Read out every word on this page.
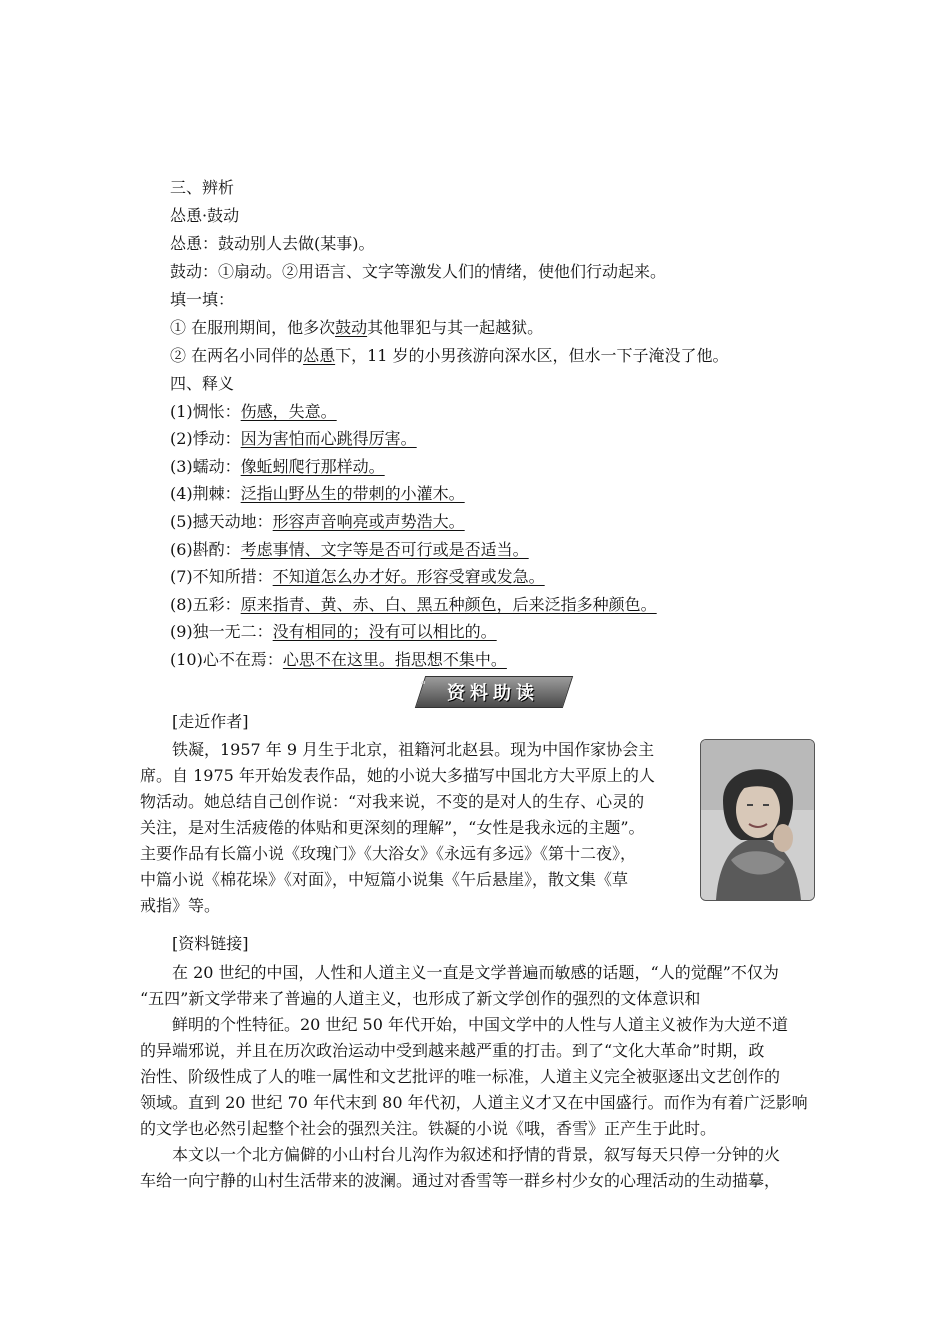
三、辨析
怂恿·鼓动
怂恿：鼓动别人去做(某事)。
鼓动：①扇动。②用语言、文字等激发人们的情绪，使他们行动起来。
填一填：
① 在服刑期间，他多次鼓动其他罪犯与其一起越狱。
② 在两名小同伴的怂恿下，11 岁的小男孩游向深水区，但水一下子淹没了他。
四、释义
(1)惆怅：伤感，失意。
(2)悸动：因为害怕而心跳得厉害。
(3)蠕动：像蚯蚓爬行那样动。
(4)荆棘：泛指山野丛生的带刺的小灌木。
(5)撼天动地：形容声音响亮或声势浩大。
(6)斟酌：考虑事情、文字等是否可行或是否适当。
(7)不知所措：不知道怎么办才好。形容受窘或发急。
(8)五彩：原来指青、黄、赤、白、黑五种颜色，后来泛指多种颜色。
(9)独一无二：没有相同的；没有可以相比的。
(10)心不在焉：心思不在这里。指思想不集中。
“	资料助读
[走近作者]
铁凝，1957 年 9 月生于北京，祖籍河北赵县。现为中国作家协会主
席。自 1975 年开始发表作品，她的小说大多描写中国北方大平原上的人
物活动。她总结自己创作说：“对我来说，不变的是对人的生存、心灵的
关注，是对生活疲倦的体贴和更深刻的理解”，“女性是我永远的主题”。
主要作品有长篇小说《玫瑰门》《大浴女》《永远有多远》《第十二夜》，
中篇小说《棉花垛》《对面》，中短篇小说集《午后悬崖》，散文集《草
戒指》等。
[资料链接]
在 20 世纪的中国，人性和人道主义一直是文学普遍而敏感的话题，“人的觉醒”不仅为
“五四”新文学带来了普遍的人道主义，也形成了新文学创作的强烈的文体意识和
鲜明的个性特征。20 世纪 50 年代开始，中国文学中的人性与人道主义被作为大逆不道
的异端邪说，并且在历次政治运动中受到越来越严重的打击。到了“文化大革命”时期，政
治性、阶级性成了人的唯一属性和文艺批评的唯一标准，人道主义完全被驱逐出文艺创作的
领域。直到 20 世纪 70 年代末到 80 年代初，人道主义才又在中国盛行。而作为有着广泛影响
的文学也必然引起整个社会的强烈关注。铁凝的小说《哦，香雪》正产生于此时。
本文以一个北方偏僻的小山村台儿沟作为叙述和抒情的背景，叙写每天只停一分钟的火
车给一向宁静的山村生活带来的波澜。通过对香雪等一群乡村少女的心理活动的生动描摹，
